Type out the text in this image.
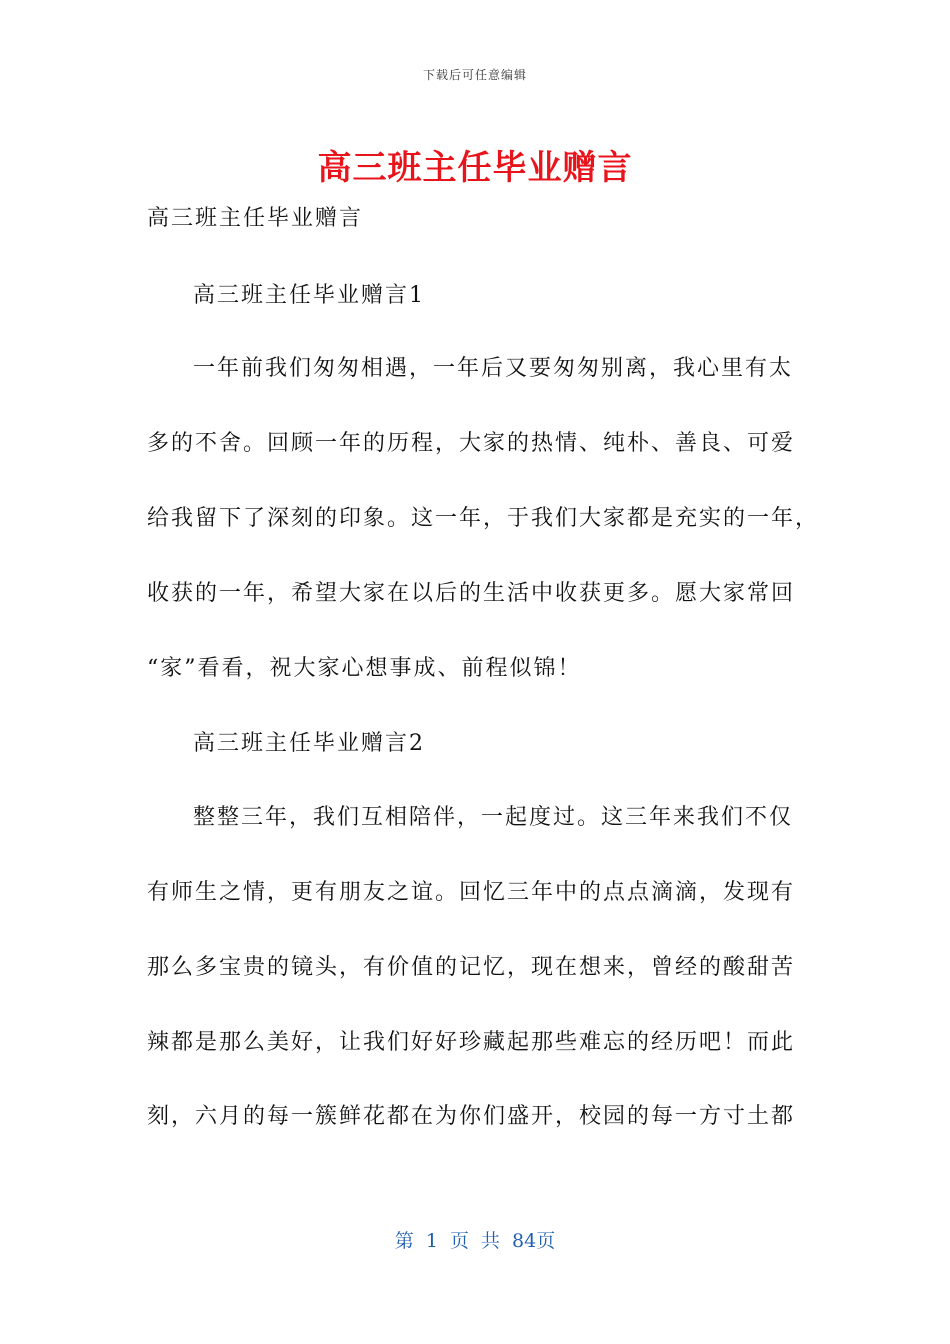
下载后可任意编辑
高三班主任毕业赠言
高三班主任毕业赠言
高三班主任毕业赠言1
一年前我们匆匆相遇，一年后又要匆匆别离，我心里有太
多的不舍。回顾一年的历程，大家的热情、纯朴、善良、可爱
给我留下了深刻的印象。这一年，于我们大家都是充实的一年，
收获的一年，希望大家在以后的生活中收获更多。愿大家常回
“家”看看，祝大家心想事成、前程似锦！
高三班主任毕业赠言2
整整三年，我们互相陪伴，一起度过。这三年来我们不仅
有师生之情，更有朋友之谊。回忆三年中的点点滴滴，发现有
那么多宝贵的镜头，有价值的记忆，现在想来，曾经的酸甜苦
辣都是那么美好，让我们好好珍藏起那些难忘的经历吧！而此
刻，六月的每一簇鲜花都在为你们盛开，校园的每一方寸土都
第 1 页 共 84页
